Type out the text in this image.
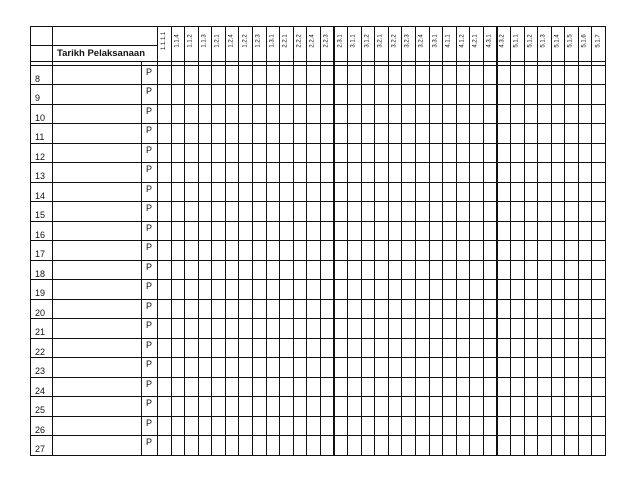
1.1.1.1 1.1.4 1.1.2 1.1.3 1.2.1 1.2.4 1.2.2 1.2.3 1.3.1 2.2.1 2.2.2 2.2.4 2.2.3 2.3.1 3.1.1 3.1.2 3.2.1 3.2.2 3.2.3 3.2.4 3.3.1 4.1.1 4.1.2 4.2.1 4.3.1 4.3.2 5.1.1 5.1.2 5.1.3 5.1.4 5.1.5 5.1.6 5.1.7
Tarikh Pelaksanaan
8
P
9
P
10
P
11
P
12
P
13
P
14
P
15
P
16
P
17
P
18
P
19
P
20
P
21
P
22
P
23
P
24
P
25
P
26
P
27
P
